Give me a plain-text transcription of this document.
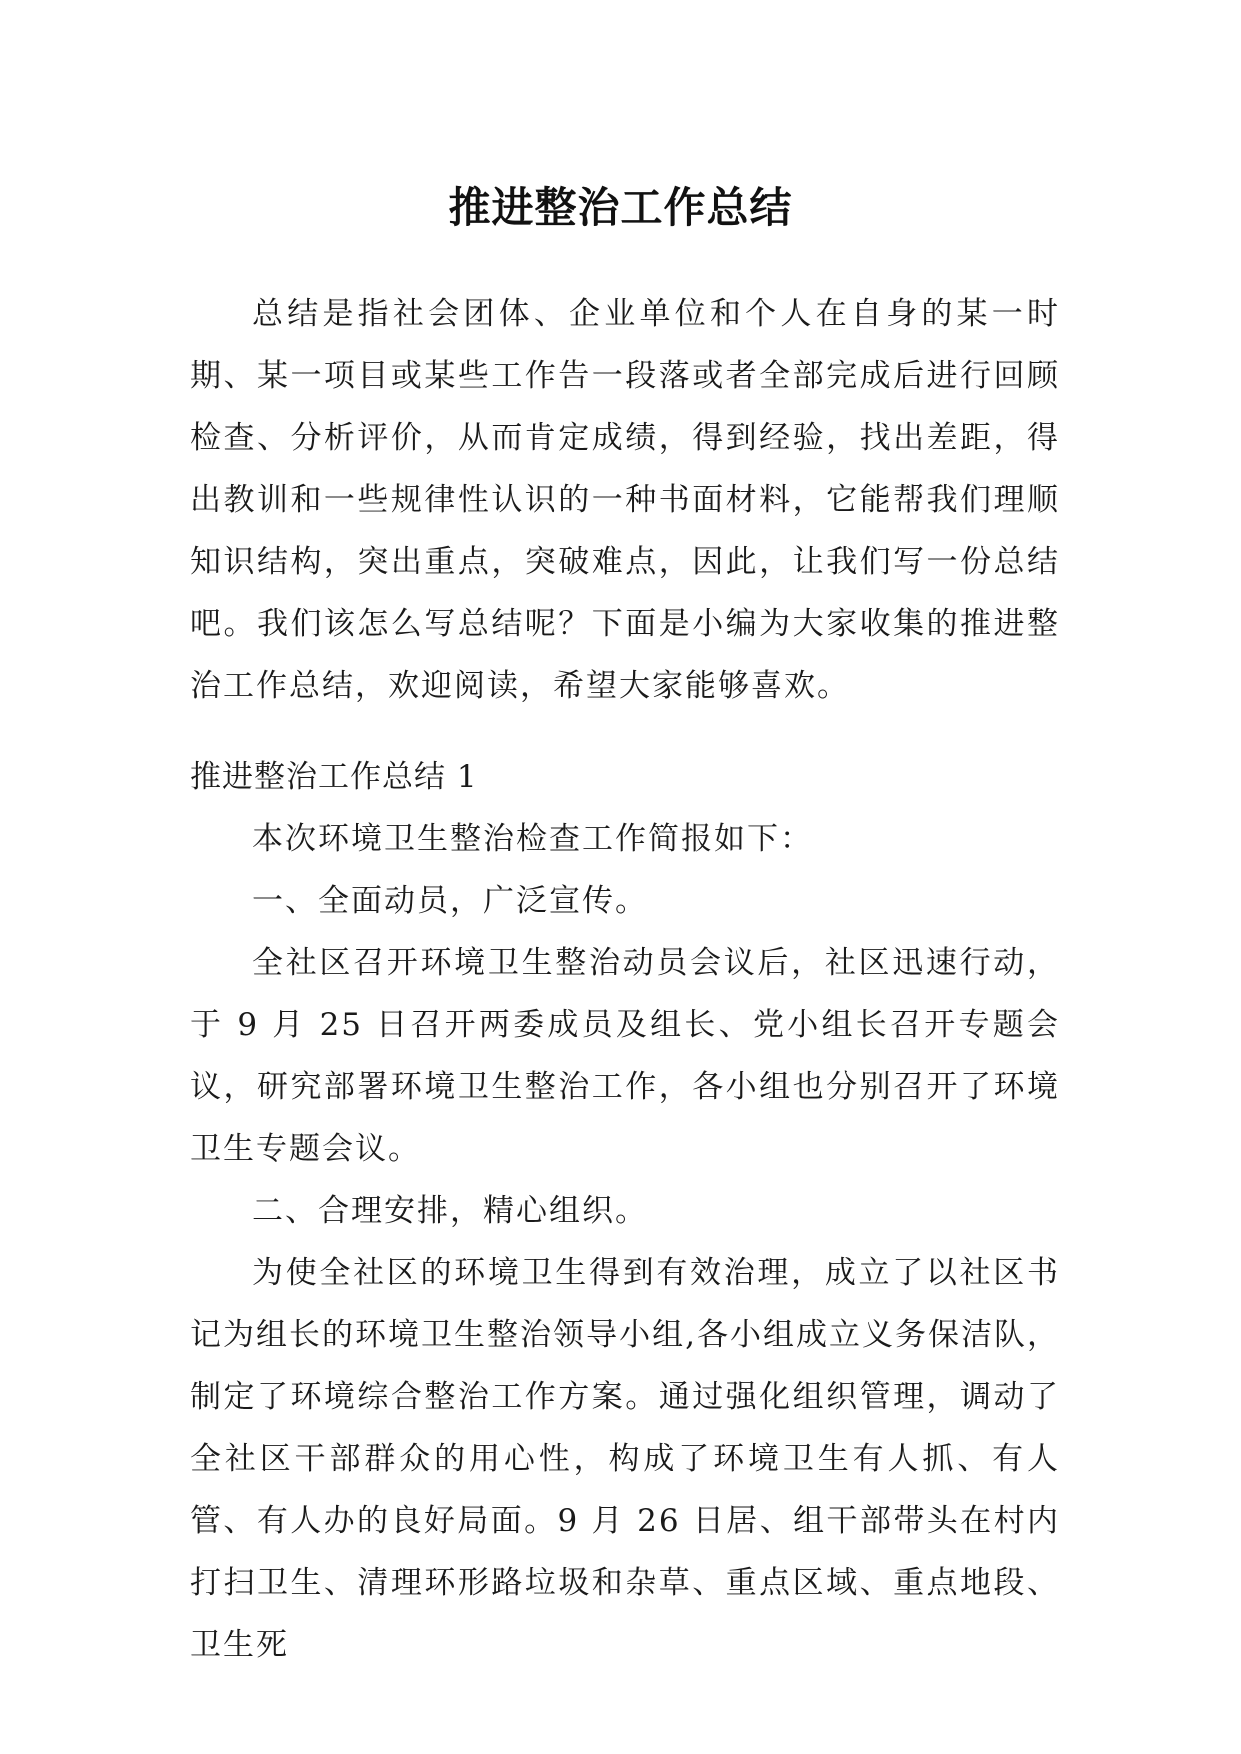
推进整治工作总结

总结是指社会团体、企业单位和个人在自身的某一时期、某一项目或某些工作告一段落或者全部完成后进行回顾检查、分析评价，从而肯定成绩，得到经验，找出差距，得出教训和一些规律性认识的一种书面材料，它能帮我们理顺知识结构，突出重点，突破难点，因此，让我们写一份总结吧。我们该怎么写总结呢？下面是小编为大家收集的推进整治工作总结，欢迎阅读，希望大家能够喜欢。

推进整治工作总结 1

本次环境卫生整治检查工作简报如下：

一、全面动员，广泛宣传。

全社区召开环境卫生整治动员会议后，社区迅速行动，于 9 月 25 日召开两委成员及组长、党小组长召开专题会议，研究部署环境卫生整治工作，各小组也分别召开了环境卫生专题会议。

二、合理安排，精心组织。

为使全社区的环境卫生得到有效治理，成立了以社区书记为组长的环境卫生整治领导小组,各小组成立义务保洁队，制定了环境综合整治工作方案。通过强化组织管理，调动了全社区干部群众的用心性，构成了环境卫生有人抓、有人管、有人办的良好局面。9 月 26 日居、组干部带头在村内打扫卫生、清理环形路垃圾和杂草、重点区域、重点地段、卫生死
